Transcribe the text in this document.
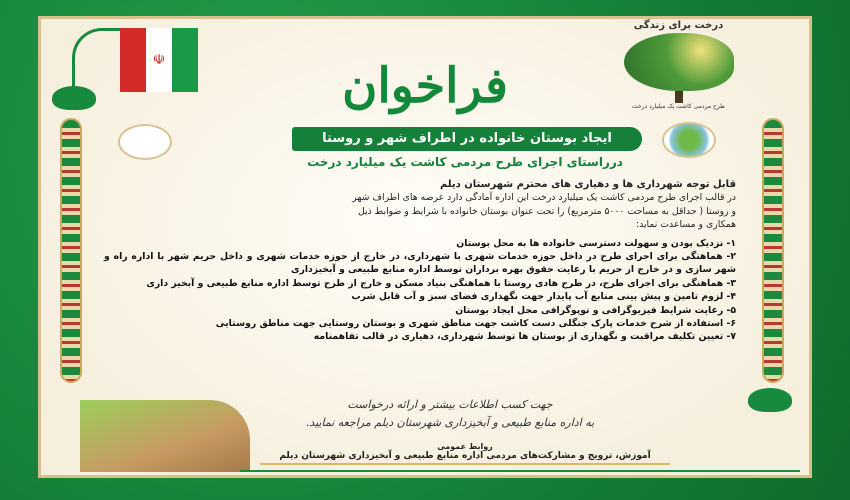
☫
درخت برای زندگی
طرح مردمی کاشت یک میلیارد درخت
فراخوان
ایجاد بوستان خانواده در اطراف شهر و روستا
درراستای اجرای طرح مردمی کاشت یک میلیارد درخت
قابل توجه شهرداری ها و دهیاری های محترم شهرستان دیلم
در قالب اجرای طرح مردمی کاشت یک میلیارد درخت این اداره آمادگی دارد عرصه های اطراف شهر
و روستا ( حداقل به مساحت ۵۰۰۰ مترمربع) را تحت عنوان بوستان خانواده با شرایط و ضوابط ذیل
همکاری و مساعدت نماید:
۱- نزدیک بودن و سهولت دسترسی خانواده ها به محل بوستان
۲- هماهنگی برای اجرای طرح در داخل حوزه خدمات شهری با شهرداری، در خارج از حوزه خدمات شهری و داخل حریم شهر با اداره راه و شهر سازی و در خارج از حریم با رعایت حقوق بهره برداران توسط اداره منابع طبیعی و آبخیزداری
۳- هماهنگی برای اجرای طرح، در طرح هادی روستا با هماهنگی بنیاد مسکن و خارج از طرح توسط اداره منابع طبیعی و آبخیز داری
۴- لزوم تامین و پیش بینی منابع آب پایدار جهت نگهداری فضای سبز و آب قابل شرب
۵- رعایت شرایط فیزیوگرافی و توپوگرافی محل ایجاد بوستان
۶- استفاده از شرح خدمات پارک جنگلی دست کاشت جهت مناطق شهری و بوستان روستایی جهت مناطق روستایی
۷- تعیین تکلیف مراقبت و نگهداری از بوستان ها توسط شهرداری، دهیاری در قالب تفاهمنامه
جهت کسب اطلاعات بیشتر و ارائه درخواست
به اداره منابع طبیعی و آبخیزداری شهرستان دیلم مراجعه نمایید.
روابط عمومی
آموزش، ترویج و مشارکت‌های مردمی اداره منابع طبیعی و آبخیزداری شهرستان دیلم
